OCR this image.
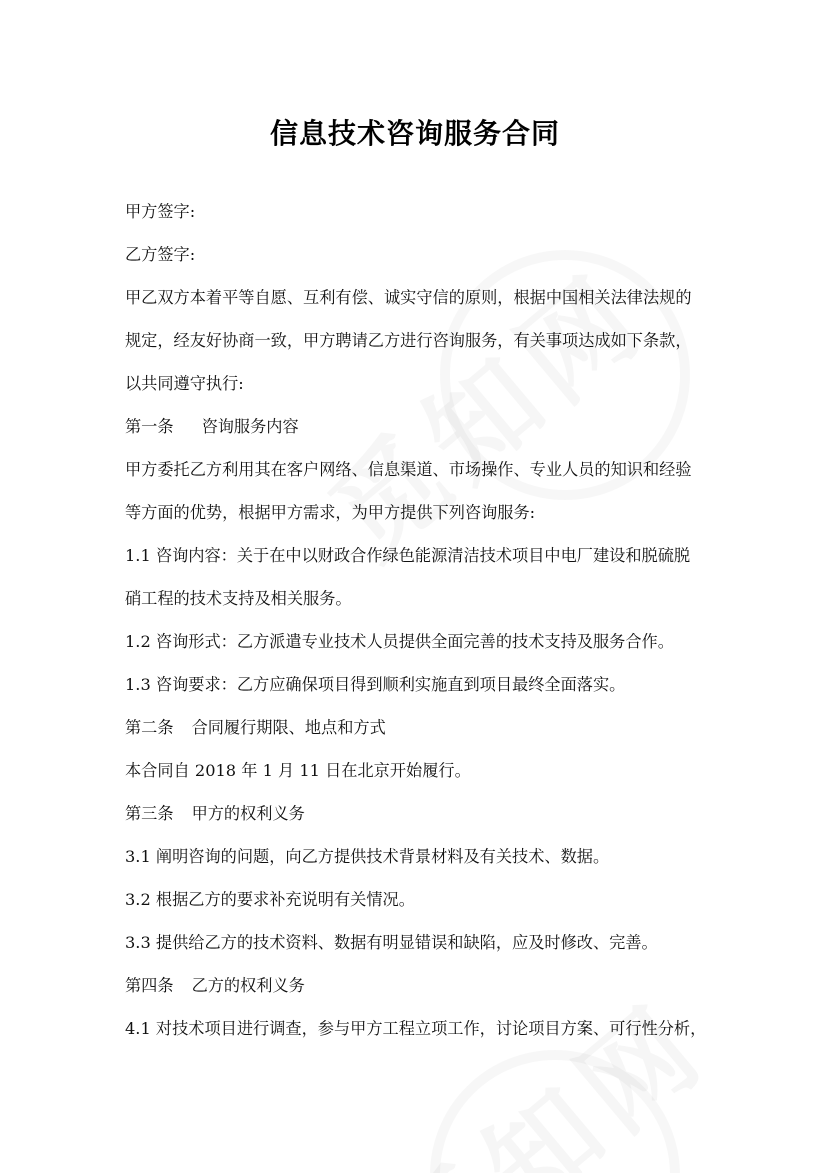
信息技术咨询服务合同
甲方签字:
乙方签字:
甲乙双方本着平等自愿、互利有偿、诚实守信的原则，根据中国相关法律法规的
规定，经友好协商一致，甲方聘请乙方进行咨询服务，有关事项达成如下条款，
以共同遵守执行:
第一条 咨询服务内容
甲方委托乙方利用其在客户网络、信息渠道、市场操作、专业人员的知识和经验
等方面的优势，根据甲方需求，为甲方提供下列咨询服务:
1.1 咨询内容：关于在中以财政合作绿色能源清洁技术项目中电厂建设和脱硫脱
硝工程的技术支持及相关服务。
1.2 咨询形式：乙方派遣专业技术人员提供全面完善的技术支持及服务合作。
1.3 咨询要求：乙方应确保项目得到顺利实施直到项目最终全面落实。
第二条 合同履行期限、地点和方式
本合同自 2018 年 1 月 11 日在北京开始履行。
第三条 甲方的权利义务
3.1 阐明咨询的问题，向乙方提供技术背景材料及有关技术、数据。
3.2 根据乙方的要求补充说明有关情况。
3.3 提供给乙方的技术资料、数据有明显错误和缺陷，应及时修改、完善。
第四条 乙方的权利义务
4.1 对技术项目进行调查，参与甲方工程立项工作，讨论项目方案、可行性分析，
